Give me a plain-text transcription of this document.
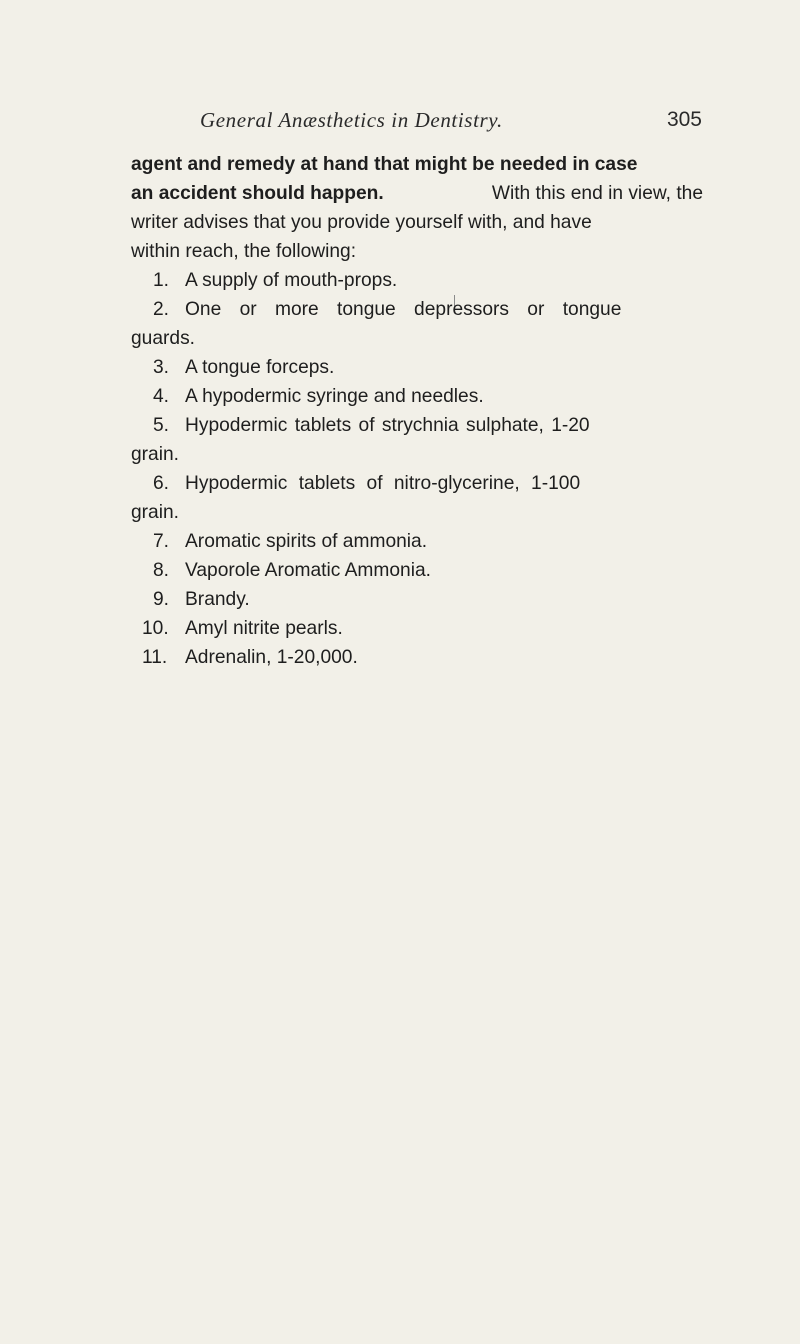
General Anæsthetics in Dentistry.	305
agent and remedy at hand that might be needed in case
an accident should happen.	With this end in view, the
writer advises that you provide yourself with, and have
within reach, the following:
1. A supply of mouth-props.
2. One or more tongue depressors or tongue
guards.
3. A tongue forceps.
4. A hypodermic syringe and needles.
5. Hypodermic tablets of strychnia sulphate, 1-20
grain.
6. Hypodermic tablets of nitro-glycerine, 1-100
grain.
7. Aromatic spirits of ammonia.
8. Vaporole Aromatic Ammonia.
9. Brandy.
10. Amyl nitrite pearls.
11. Adrenalin, 1-20,000.
